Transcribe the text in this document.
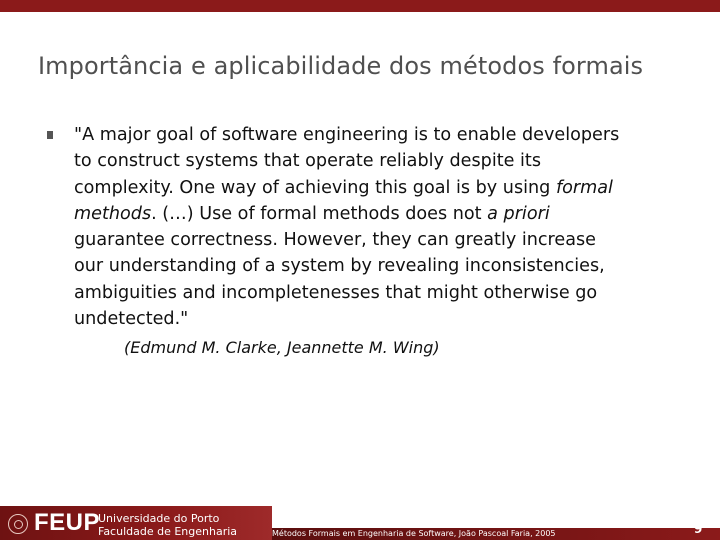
Importância e aplicabilidade dos métodos formais

"A major goal of software engineering is to enable developers

to construct systems that operate reliably despite its

complexity. One way of achieving this goal is by using formal

methods. (…) Use of formal methods does not a priori

guarantee correctness. However, they can greatly increase

our understanding of a system by revealing inconsistencies,

ambiguities and incompletenesses that might otherwise go

undetected."

(Edmund M. Clarke, Jeannette M. Wing)
FEUP
Universidade do Porto
Faculdade de Engenharia	Métodos Formais em Engenharia de Software, João Pascoal Faria, 2005	9
